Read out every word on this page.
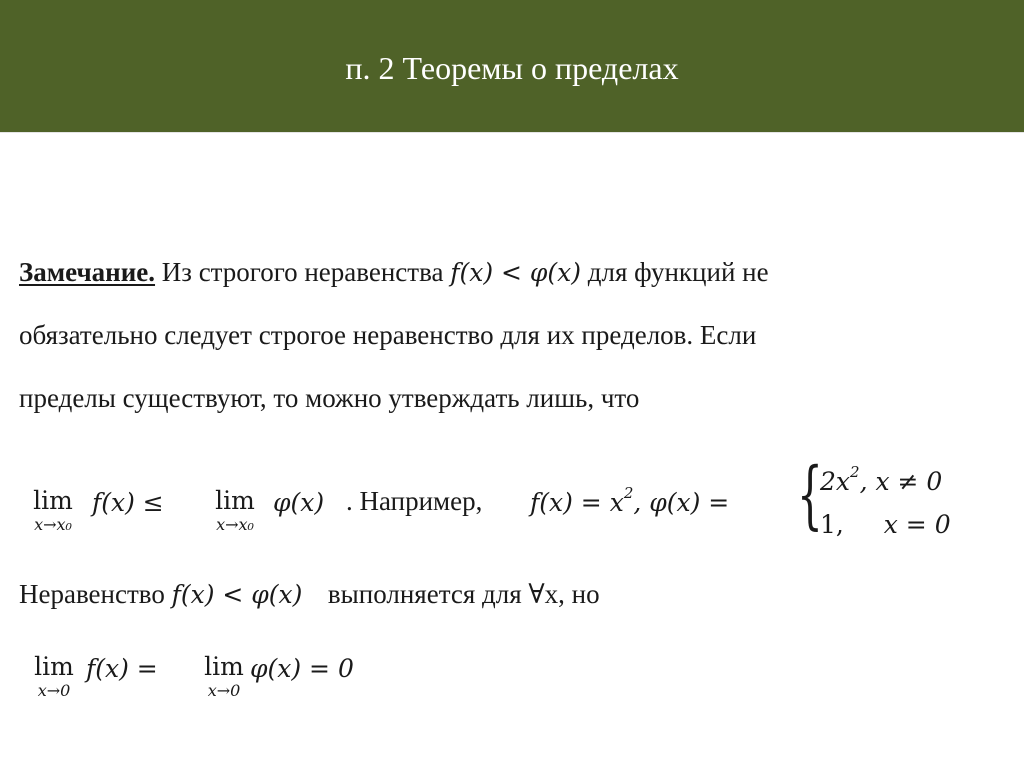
п. 2 Теоремы о пределах
Замечание. Из строгого неравенства f(x) < φ(x) для функций не
обязательно следует строгое неравенство для их пределов. Если
пределы существуют, то можно утверждать лишь, что
lim
x→x₀
f(x) ≤	lim
x→x₀
φ(x) . Например, $f(x) = x^2$, φ(x) = {
$2x^2$, x ≠ 0
1, x = 0
Неравенство f(x) < φ(x) выполняется для ∀x, но
lim
x→0
f(x) =	lim
x→0
φ(x) = 0
